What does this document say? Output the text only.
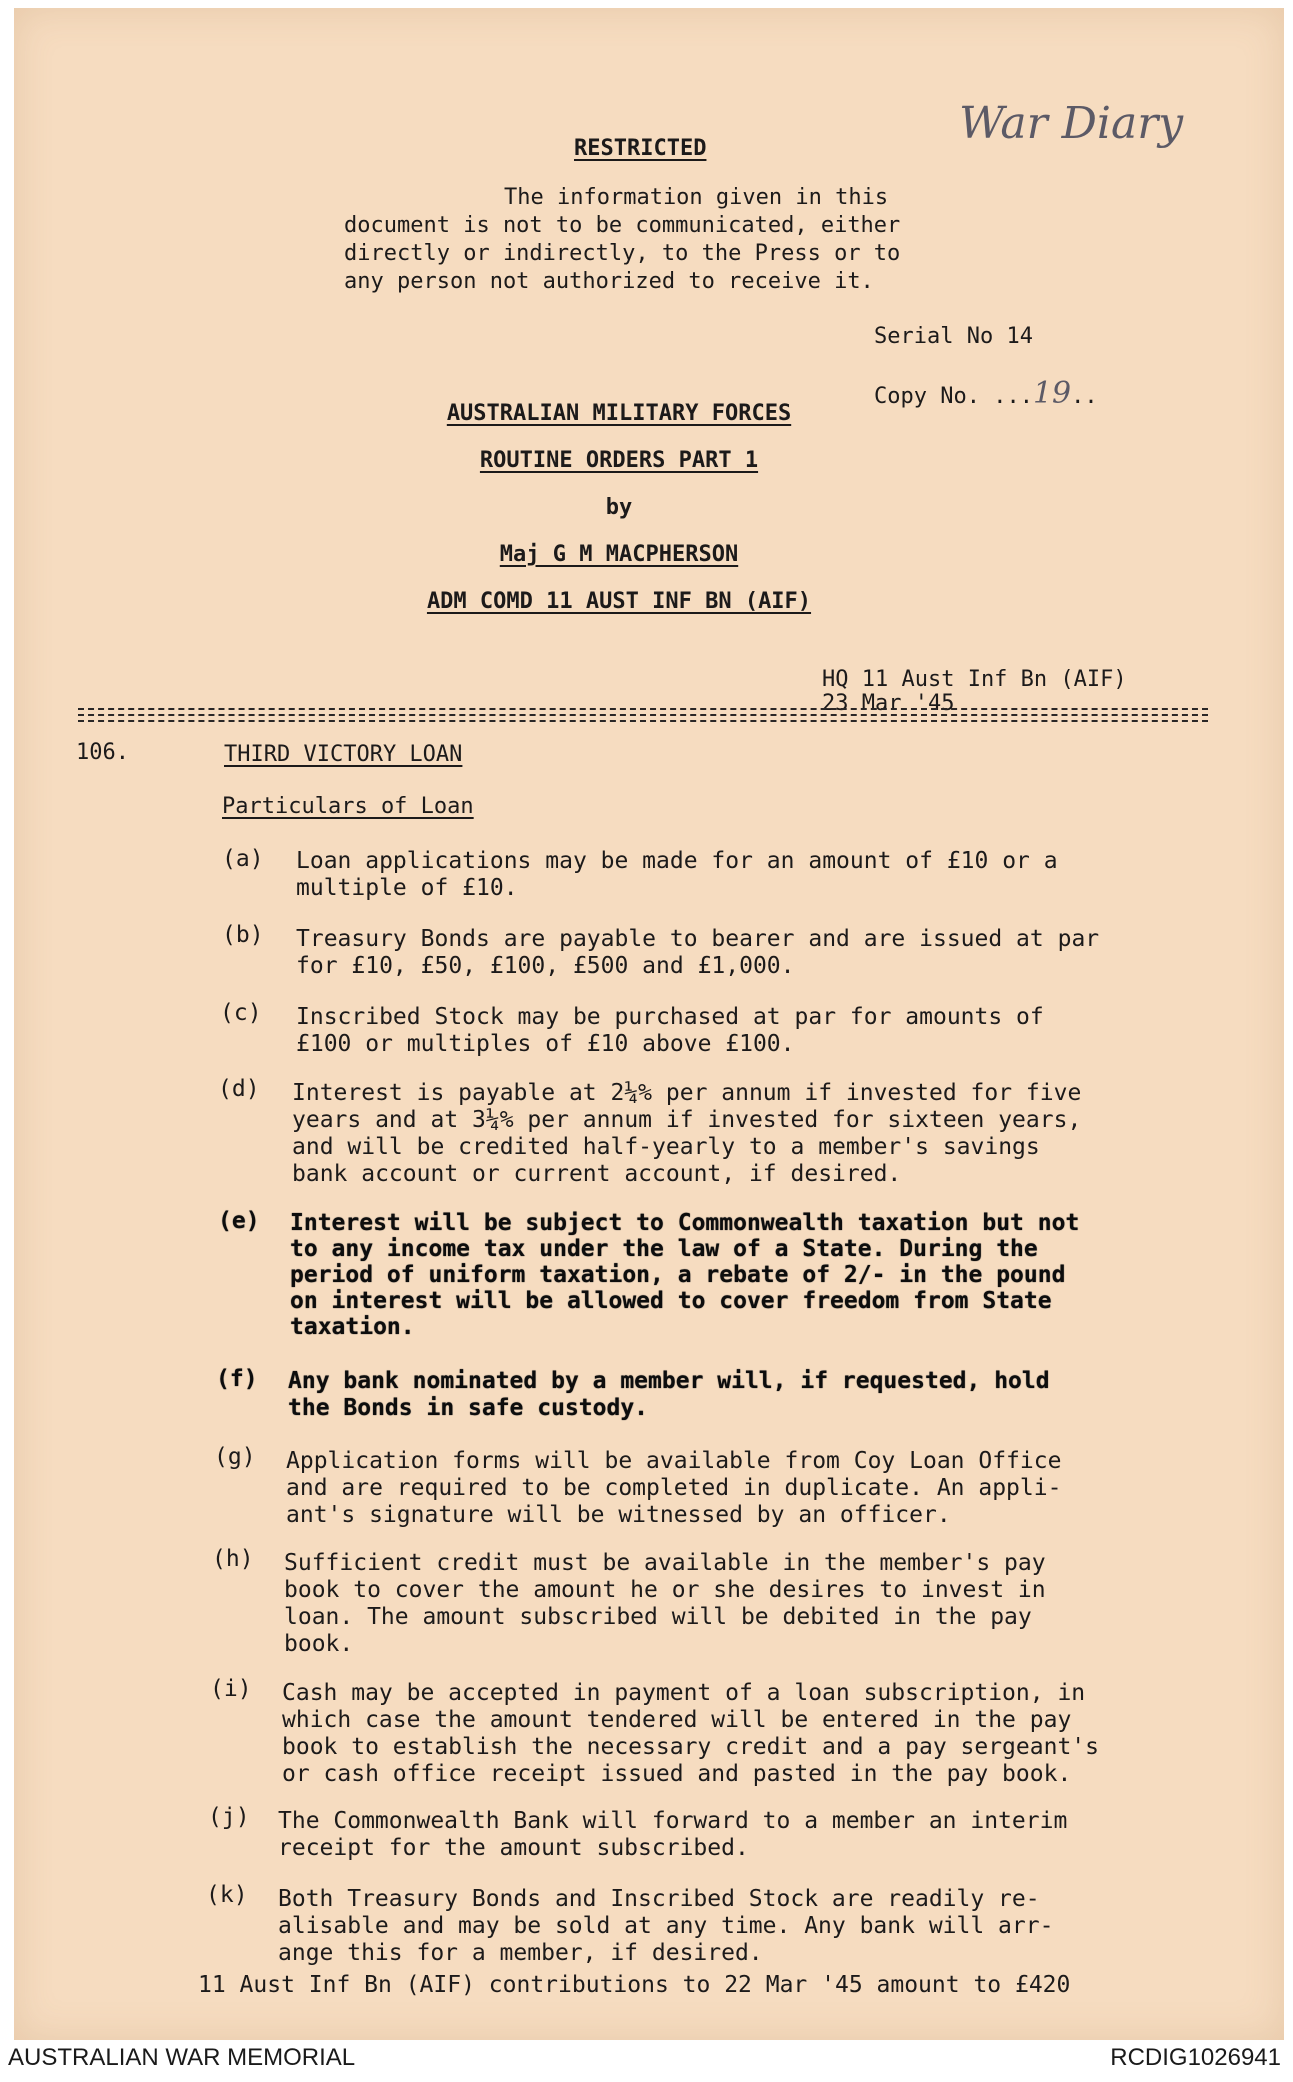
War Diary
RESTRICTED
The information given in this
document is not to be communicated, either
directly or indirectly, to the Press or to
any person not authorized to receive it.
Serial No 14
Copy No. ...19..
AUSTRALIAN MILITARY FORCES
ROUTINE ORDERS PART 1
by
Maj G M MACPHERSON
ADM COMD 11 AUST INF BN (AIF)
HQ 11 Aust Inf Bn (AIF)
23 Mar '45
106.	THIRD VICTORY LOAN
Particulars of Loan
(a) Loan applications may be made for an amount of £10 or a
multiple of £10.
(b) Treasury Bonds are payable to bearer and are issued at par
for £10, £50, £100, £500 and £1,000.
(c) Inscribed Stock may be purchased at par for amounts of
£100 or multiples of £10 above £100.
(d) Interest is payable at 2¼% per annum if invested for five
years and at 3¼% per annum if invested for sixteen years,
and will be credited half-yearly to a member's savings
bank account or current account, if desired.
(e) Interest will be subject to Commonwealth taxation but not
to any income tax under the law of a State. During the
period of uniform taxation, a rebate of 2/- in the pound
on interest will be allowed to cover freedom from State
taxation.
(f) Any bank nominated by a member will, if requested, hold
the Bonds in safe custody.
(g) Application forms will be available from Coy Loan Office
and are required to be completed in duplicate. An appli-
ant's signature will be witnessed by an officer.
(h) Sufficient credit must be available in the member's pay
book to cover the amount he or she desires to invest in
loan. The amount subscribed will be debited in the pay
book.
(i) Cash may be accepted in payment of a loan subscription, in
which case the amount tendered will be entered in the pay
book to establish the necessary credit and a pay sergeant's
or cash office receipt issued and pasted in the pay book.
(j) The Commonwealth Bank will forward to a member an interim
receipt for the amount subscribed.
(k) Both Treasury Bonds and Inscribed Stock are readily re-
alisable and may be sold at any time. Any bank will arr-
ange this for a member, if desired.
11 Aust Inf Bn (AIF) contributions to 22 Mar '45 amount to £420
AUSTRALIAN WAR MEMORIAL	RCDIG1026941
